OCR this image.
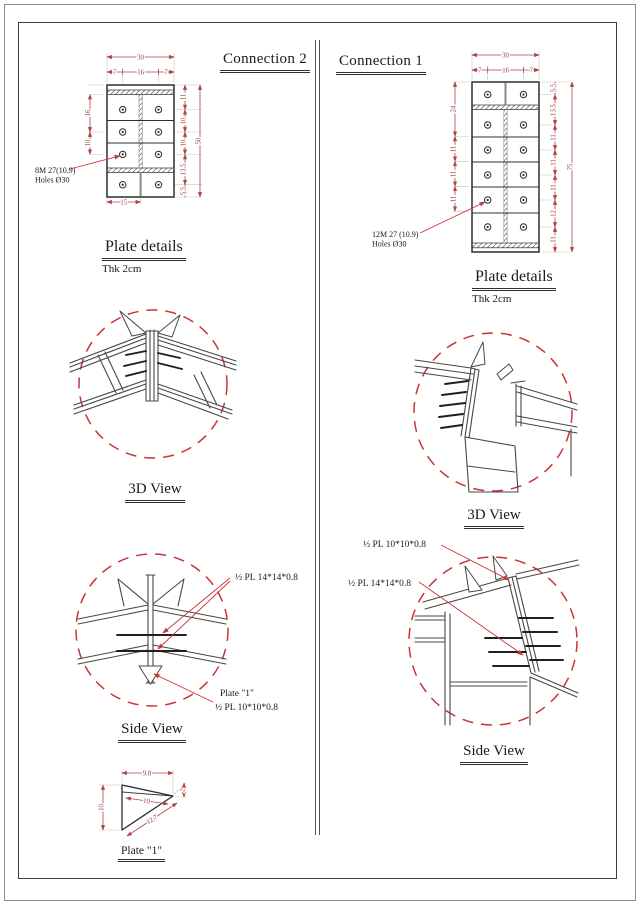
Connection 2 Connection 1
30
7	16	7
16
10
11
10
10
13.5
5.5
50
15
8M 27(10.9)
Holes Ø30
Plate details
Thk 2cm
30
7	16	7
24
11
11
11
5.5
13.5
11
11
11
12
11
75
12M 27 (10.9)
Holes Ø30
Plate details
Thk 2cm
3D View
3D View
½ PL 14*14*0.8
Plate "1"
½ PL 10*10*0.8
Side View
½ PL 10*10*0.8
½ PL 14*14*0.8
Side View
9.8
10
2
10
12.7
Plate "1"
